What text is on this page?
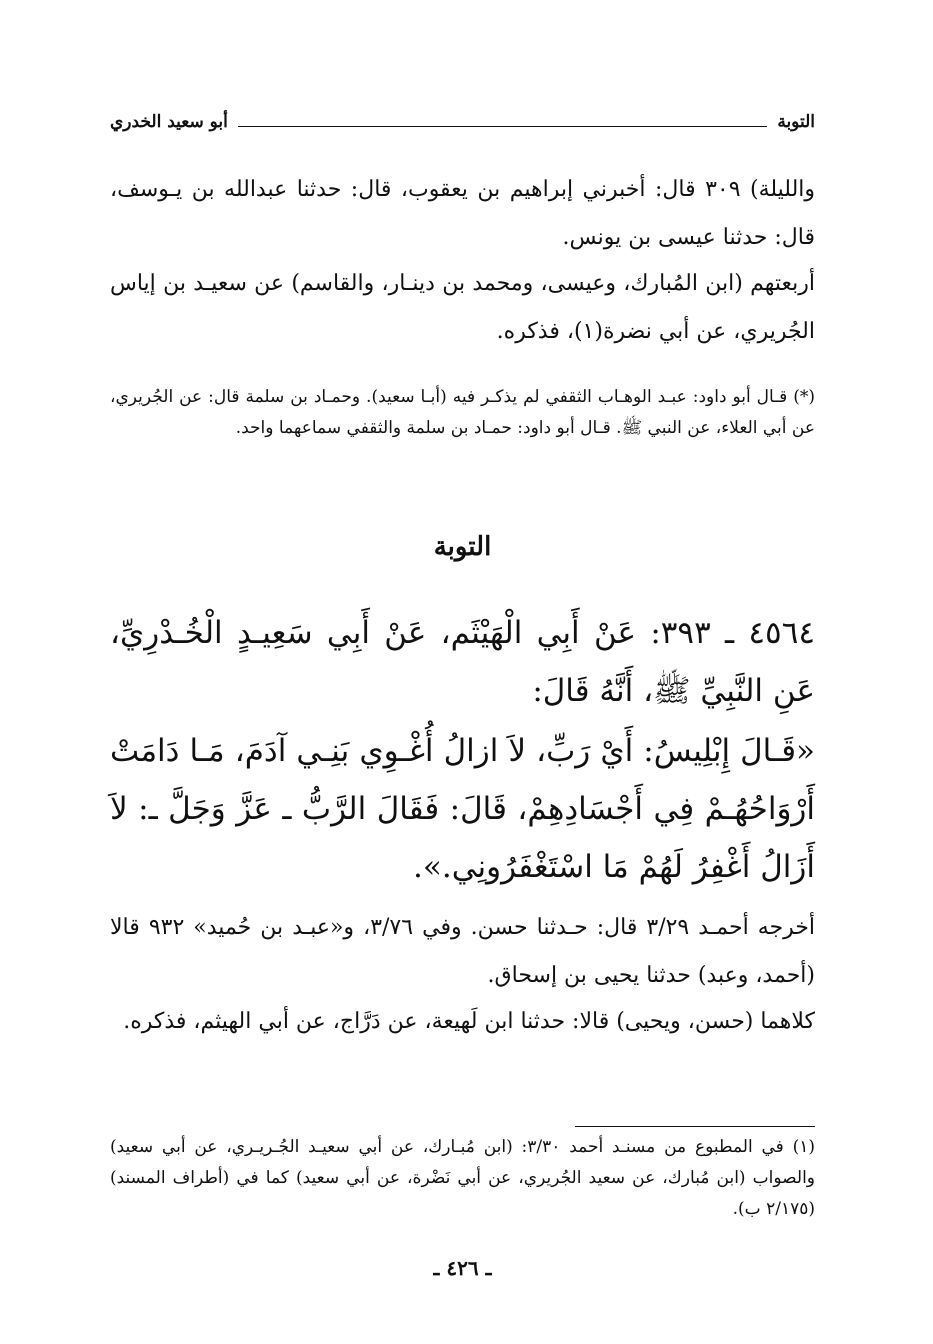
التوبة
أبو سعيد الخدري
والليلة) ٣٠٩ قال: أخبرني إبراهيم بن يعقوب، قال: حدثنا عبدالله بن يـوسف، قال: حدثنا عيسى بن يونس.
أربعتهم (ابن المُبارك، وعيسى، ومحمد بن دينـار، والقاسم) عن سعيـد بن إياس الجُريري، عن أبي نضرة(١)، فذكره.
(*) قـال أبو داود: عبـد الوهـاب الثقفي لم يذكـر فيه (أبـا سعيد). وحمـاد بن سلمة قال: عن الجُريري، عن أبي العلاء، عن النبي ﷺ. قـال أبو داود: حمـاد بن سلمة والثقفي سماعهما واحد.
التوبة
٤٥٦٤ ـ ٣٩٣: عَنْ أَبِي الْهَيْثَم، عَنْ أَبِي سَعِيـدٍ الْخُـدْرِيِّ، عَنِ النَّبِيِّ ﷺ، أَنَّهُ قَالَ:
«قَـالَ إِبْلِيسُ: أَيْ رَبِّ، لاَ ازالُ أُغْـوِي بَنِـي آدَمَ، مَـا دَامَتْ أَرْوَاحُهُـمْ فِي أَجْسَادِهِمْ، قَالَ: فَقَالَ الرَّبُّ ـ عَزَّ وَجَلَّ ـ: لاَ أَزَالُ أَغْفِرُ لَهُمْ مَا اسْتَغْفَرُونِي.».
أخرجه أحمـد ٣/٢٩ قال: حـدثنا حسن. وفي ٣/٧٦، و«عبـد بن حُميد» ٩٣٢ قالا (أحمد، وعبد) حدثنا يحيى بن إسحاق.
كلاهما (حسن، ويحيى) قالا: حدثنا ابن لَهيعة، عن دَرَّاج، عن أبي الهيثم، فذكره.
(١) في المطبوع من مسنـد أحمد ٣/٣٠: (ابن مُبـارك، عن أبي سعيـد الجُـريـري، عن أبي سعيد) والصواب (ابن مُبارك، عن سعيد الجُريري، عن أبي نَضْرة، عن أبي سعيد) كما في (أطراف المسند) (٢/١٧٥ ب).
ـ ٤٢٦ ـ
